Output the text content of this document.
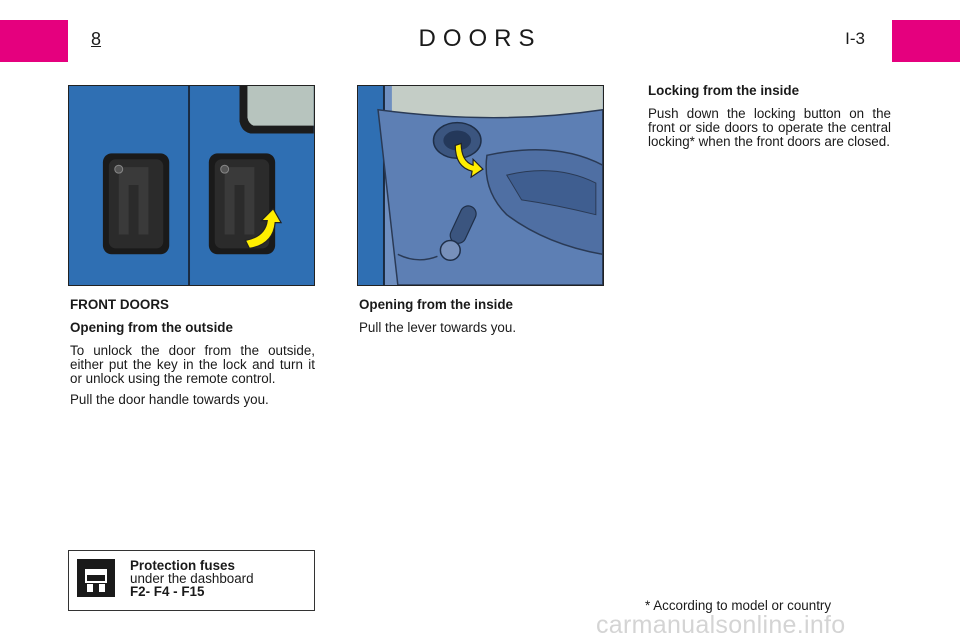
8	DOORS	I-3
FRONT DOORS
Opening from the outside

To unlock the door from the outside, either put the key in the lock and turn it or unlock using the remote control.

Pull the door handle towards you.

Opening from the inside

Pull the lever towards you.

Locking from the inside

Push down the locking button on the front or side doors to operate the central locking* when the front doors are closed.

Protection fuses
under the dashboard
F2- F4 - F15
* According to model or country
carmanualsonline.info
